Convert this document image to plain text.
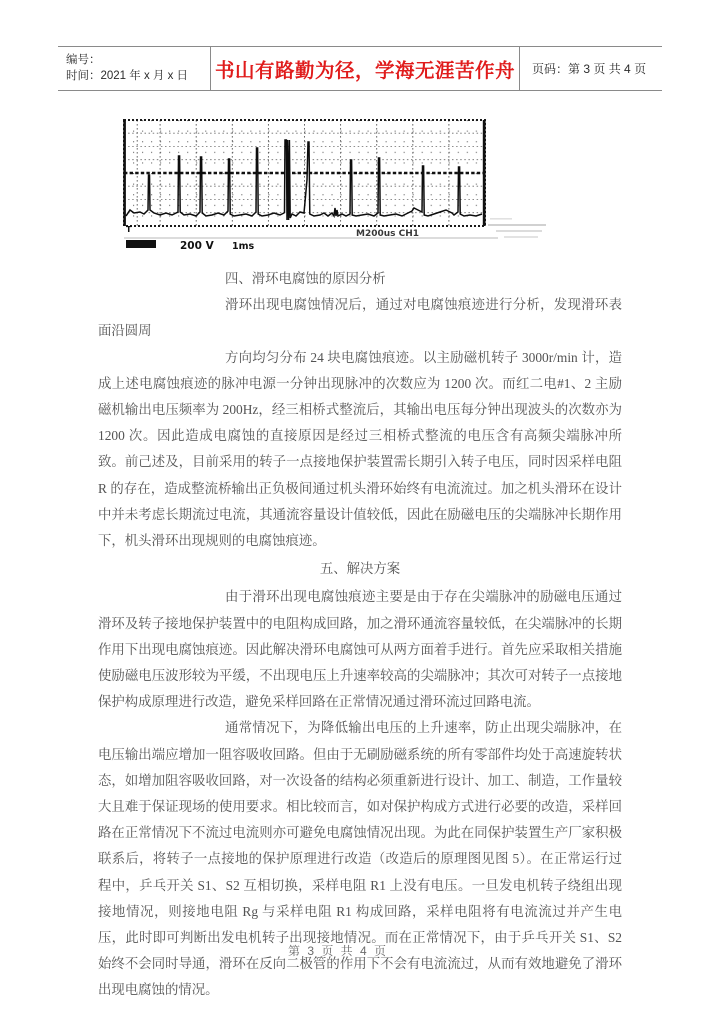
编号：
时间：2021 年 x 月 x 日	书山有路勤为径，学海无涯苦作舟 页码：第 3 页 共 4 页
T
200 V 1ms
M200us CH1

四、滑环电腐蚀的原因分析

滑环出现电腐蚀情况后，通过对电腐蚀痕迹进行分析，发现滑环表面沿圆周

方向均匀分布 24 块电腐蚀痕迹。以主励磁机转子 3000r/min 计，造成上述电腐蚀痕迹的脉冲电源一分钟出现脉冲的次数应为 1200 次。而红二电#1、2 主励磁机输出电压频率为 200Hz，经三相桥式整流后，其输出电压每分钟出现波头的次数亦为 1200 次。因此造成电腐蚀的直接原因是经过三相桥式整流的电压含有高频尖端脉冲所致。前己述及，目前采用的转子一点接地保护装置需长期引入转子电压，同时因采样电阻 R 的存在，造成整流桥输出正负极间通过机头滑环始终有电流流过。加之机头滑环在设计中并未考虑长期流过电流，其通流容量设计值较低，因此在励磁电压的尖端脉冲长期作用下，机头滑环出现规则的电腐蚀痕迹。

五、解决方案

由于滑环出现电腐蚀痕迹主要是由于存在尖端脉冲的励磁电压通过滑环及转子接地保护装置中的电阻构成回路，加之滑环通流容量较低，在尖端脉冲的长期作用下出现电腐蚀痕迹。因此解决滑环电腐蚀可从两方面着手进行。首先应采取相关措施使励磁电压波形较为平缓，不出现电压上升速率较高的尖端脉冲；其次可对转子一点接地保护构成原理进行改造，避免采样回路在正常情况通过滑环流过回路电流。

通常情况下，为降低输出电压的上升速率，防止出现尖端脉冲，在电压输出端应增加一阻容吸收回路。但由于无刷励磁系统的所有零部件均处于高速旋转状态，如增加阻容吸收回路，对一次设备的结构必须重新进行设计、加工、制造，工作量较大且难于保证现场的使用要求。相比较而言，如对保护构成方式进行必要的改造，采样回路在正常情况下不流过电流则亦可避免电腐蚀情况出现。为此在同保护装置生产厂家积极联系后，将转子一点接地的保护原理进行改造（改造后的原理图见图 5）。在正常运行过程中，乒乓开关 S1、S2 互相切换，采样电阻 R1 上没有电压。一旦发电机转子绕组出现接地情况，则接地电阻 Rg 与采样电阻 R1 构成回路，采样电阻将有电流流过并产生电压，此时即可判断出发电机转子出现接地情况。而在正常情况下，由于乒乓开关 S1、S2 始终不会同时导通，滑环在反向二极管的作用下不会有电流流过，从而有效地避免了滑环出现电腐蚀的情况。

第 3 页 共 4 页
